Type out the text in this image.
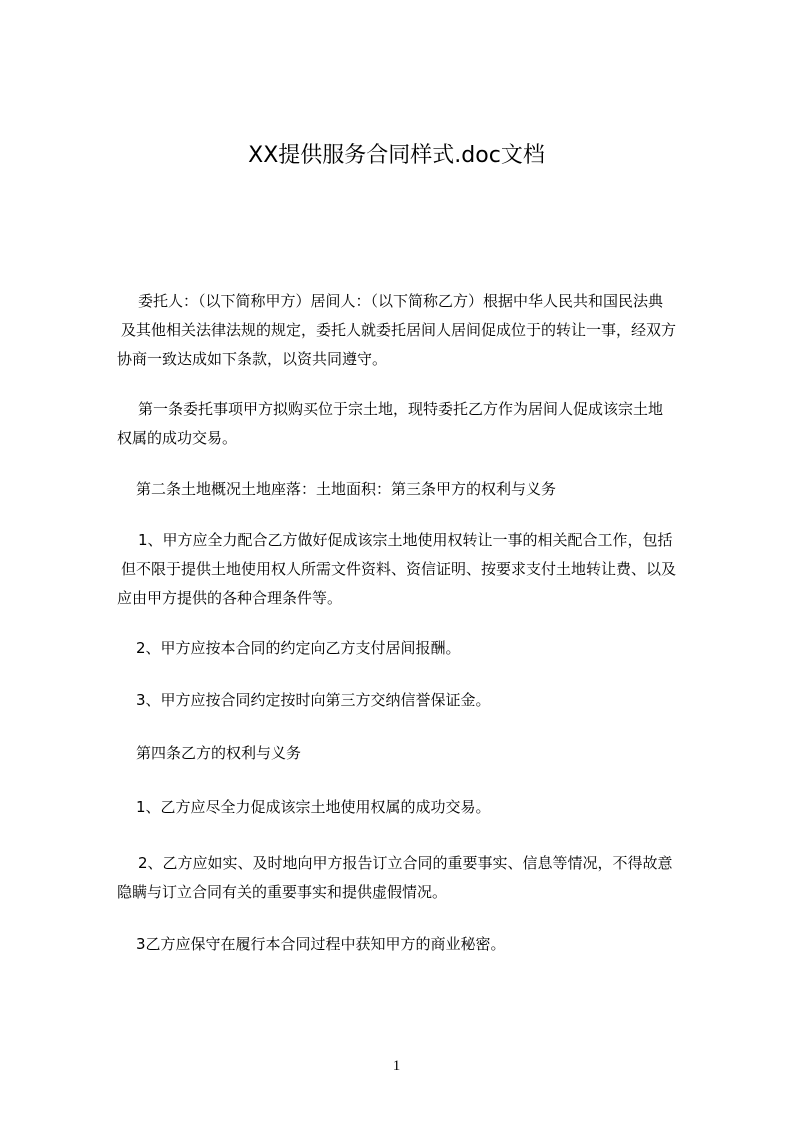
XX提供服务合同样式.doc文档

委托人：（以下简称甲方）居间人：（以下简称乙方）根据中华人民共和国民法典
及其他相关法律法规的规定，委托人就委托居间人居间促成位于的转让一事，经双方
协商一致达成如下条款，以资共同遵守。

第一条委托事项甲方拟购买位于宗土地，现特委托乙方作为居间人促成该宗土地
权属的成功交易。

第二条土地概况土地座落：土地面积：第三条甲方的权利与义务

1、甲方应全力配合乙方做好促成该宗土地使用权转让一事的相关配合工作，包括
但不限于提供土地使用权人所需文件资料、资信证明、按要求支付土地转让费、以及
应由甲方提供的各种合理条件等。

2、甲方应按本合同的约定向乙方支付居间报酬。

3、甲方应按合同约定按时向第三方交纳信誉保证金。

第四条乙方的权利与义务

1、乙方应尽全力促成该宗土地使用权属的成功交易。

2、乙方应如实、及时地向甲方报告订立合同的重要事实、信息等情况，不得故意
隐瞒与订立合同有关的重要事实和提供虚假情况。

3乙方应保守在履行本合同过程中获知甲方的商业秘密。

1
